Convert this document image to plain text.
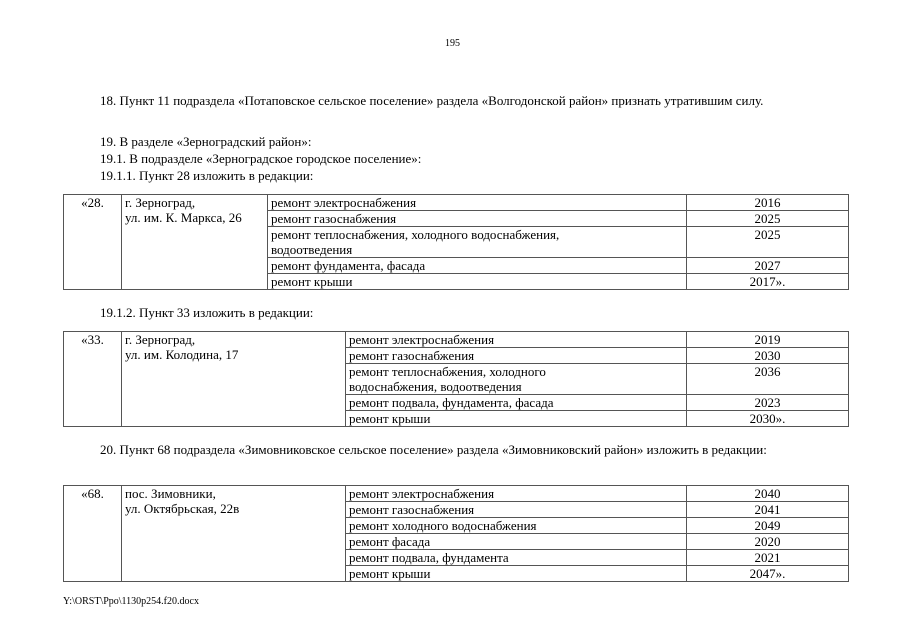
195
18. Пункт 11 подраздела «Потаповское сельское поселение» раздела «Волгодонской район» признать утратившим силу.
19. В разделе «Зерноградский район»:
19.1. В подразделе «Зерноградское городское поселение»:
19.1.1. Пункт 28 изложить в редакции:
«28.	г. Зерноград,
ул. им. К. Маркса, 26	ремонт электроснабжения	2016

		ремонт газоснабжения	2025

		ремонт теплоснабжения, холодного водоснабжения,
водоотведения	2025

		ремонт фундамента, фасада	2027

		ремонт крыши	2017».
19.1.2. Пункт 33 изложить в редакции:
«33.	г. Зерноград,
ул. им. Колодина, 17	ремонт электроснабжения	2019

		ремонт газоснабжения	2030

		ремонт теплоснабжения, холодного
водоснабжения, водоотведения	2036

		ремонт подвала, фундамента, фасада	2023

		ремонт крыши	2030».
20. Пункт 68 подраздела «Зимовниковское сельское поселение» раздела «Зимовниковский район» изложить в редакции:
«68.	пос. Зимовники,
ул. Октябрьская, 22в	ремонт электроснабжения	2040

		ремонт газоснабжения	2041

		ремонт холодного водоснабжения	2049

		ремонт фасада	2020

		ремонт подвала, фундамента	2021

		ремонт крыши	2047».
Y:\ORST\Ppo\1130p254.f20.docx
